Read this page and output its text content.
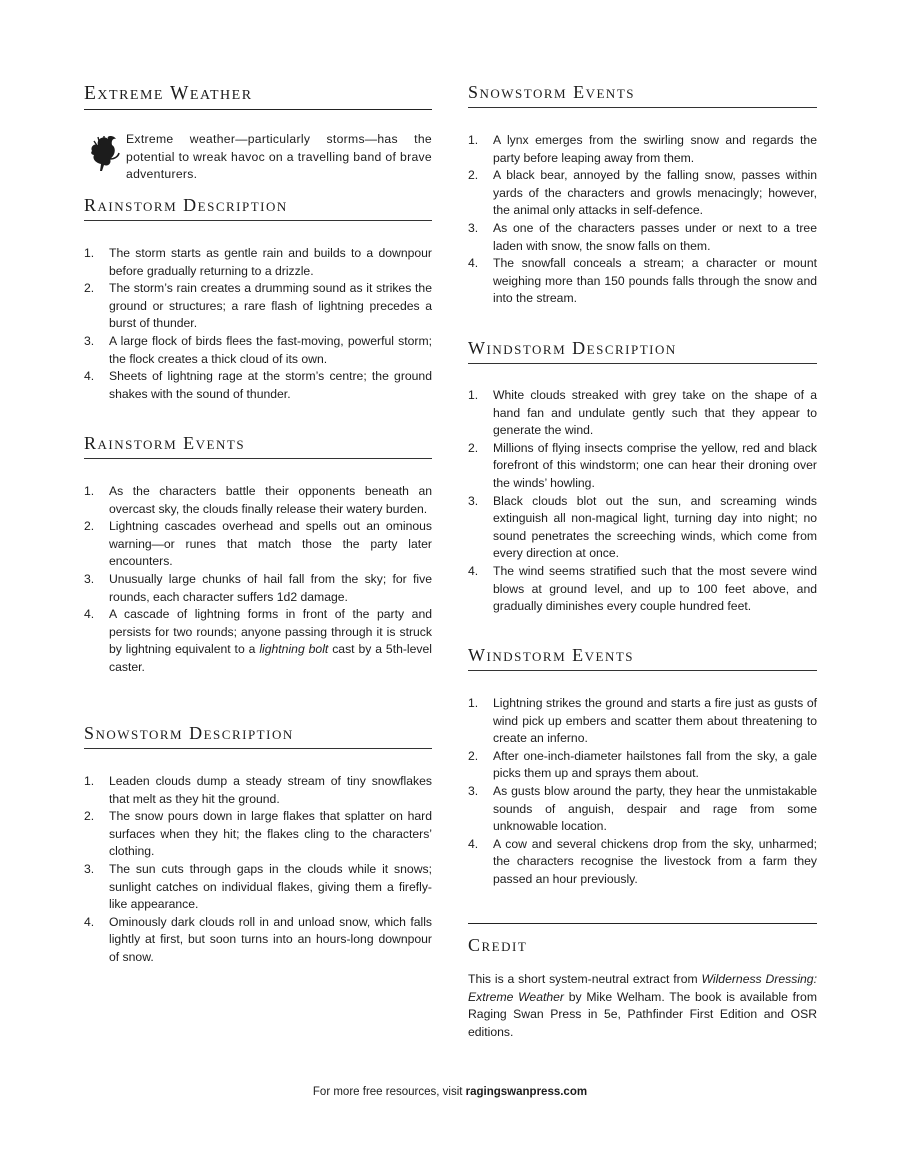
Extreme Weather

Extreme weather—particularly storms—has the potential to wreak havoc on a travelling band of brave adventurers.

Rainstorm Description
1. The storm starts as gentle rain and builds to a downpour before gradually returning to a drizzle.
2. The storm’s rain creates a drumming sound as it strikes the ground or structures; a rare flash of lightning precedes a burst of thunder.
3. A large flock of birds flees the fast-moving, powerful storm; the flock creates a thick cloud of its own.
4. Sheets of lightning rage at the storm’s centre; the ground shakes with the sound of thunder.
Rainstorm Events
1. As the characters battle their opponents beneath an overcast sky, the clouds finally release their watery burden.
2. Lightning cascades overhead and spells out an ominous warning—or runes that match those the party later encounters.
3. Unusually large chunks of hail fall from the sky; for five rounds, each character suffers 1d2 damage.
4. A cascade of lightning forms in front of the party and persists for two rounds; anyone passing through it is struck by lightning equivalent to a lightning bolt cast by a 5th-level caster.
Snowstorm Description
1. Leaden clouds dump a steady stream of tiny snowflakes that melt as they hit the ground.
2. The snow pours down in large flakes that splatter on hard surfaces when they hit; the flakes cling to the characters’ clothing.
3. The sun cuts through gaps in the clouds while it snows; sunlight catches on individual flakes, giving them a firefly-like appearance.
4. Ominously dark clouds roll in and unload snow, which falls lightly at first, but soon turns into an hours-long downpour of snow.
Snowstorm Events
1. A lynx emerges from the swirling snow and regards the party before leaping away from them.
2. A black bear, annoyed by the falling snow, passes within yards of the characters and growls menacingly; however, the animal only attacks in self-defence.
3. As one of the characters passes under or next to a tree laden with snow, the snow falls on them.
4. The snowfall conceals a stream; a character or mount weighing more than 150 pounds falls through the snow and into the stream.
Windstorm Description
1. White clouds streaked with grey take on the shape of a hand fan and undulate gently such that they appear to generate the wind.
2. Millions of flying insects comprise the yellow, red and black forefront of this windstorm; one can hear their droning over the winds’ howling.
3. Black clouds blot out the sun, and screaming winds extinguish all non-magical light, turning day into night; no sound penetrates the screeching winds, which come from every direction at once.
4. The wind seems stratified such that the most severe wind blows at ground level, and up to 100 feet above, and gradually diminishes every couple hundred feet.
Windstorm Events
1. Lightning strikes the ground and starts a fire just as gusts of wind pick up embers and scatter them about threatening to create an inferno.
2. After one-inch-diameter hailstones fall from the sky, a gale picks them up and sprays them about.
3. As gusts blow around the party, they hear the unmistakable sounds of anguish, despair and rage from some unknowable location.
4. A cow and several chickens drop from the sky, unharmed; the characters recognise the livestock from a farm they passed an hour previously.
Credit

This is a short system-neutral extract from Wilderness Dressing: Extreme Weather by Mike Welham. The book is available from Raging Swan Press in 5e, Pathfinder First Edition and OSR editions.

For more free resources, visit ragingswanpress.com
